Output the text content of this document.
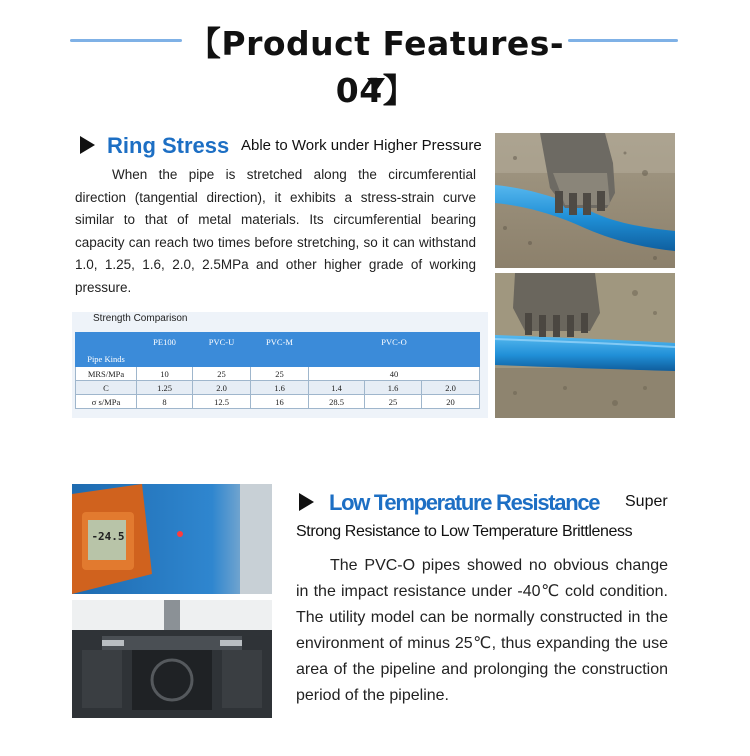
【Product Features-04】
Ring Stress Able to Work under Higher Pressure
When the pipe is stretched along the circumferential direction (tangential direction), it exhibits a stress-strain curve similar to that of metal materials. Its circumferential bearing capacity can reach two times before stretching, so it can withstand 1.0, 1.25, 1.6, 2.0, 2.5MPa and other higher grade of working pressure.
Strength Comparison
Pipe Kinds	PE100	PVC-U	PVC-M	PVC-O		
MRS/MPa	10	25	25	40		
C	1.25	2.0	1.6	1.4	1.6	2.0
σ s/MPa	8	12.5	16	28.5	25	20
-24.5
Low Temperature Resistance Super
Strong Resistance to Low Temperature Brittleness
The PVC-O pipes showed no obvious change in the impact resistance under -40℃ cold condition. The utility model can be normally constructed in the environment of minus 25℃, thus expanding the use area of the pipeline and prolonging the construction period of the pipeline.
